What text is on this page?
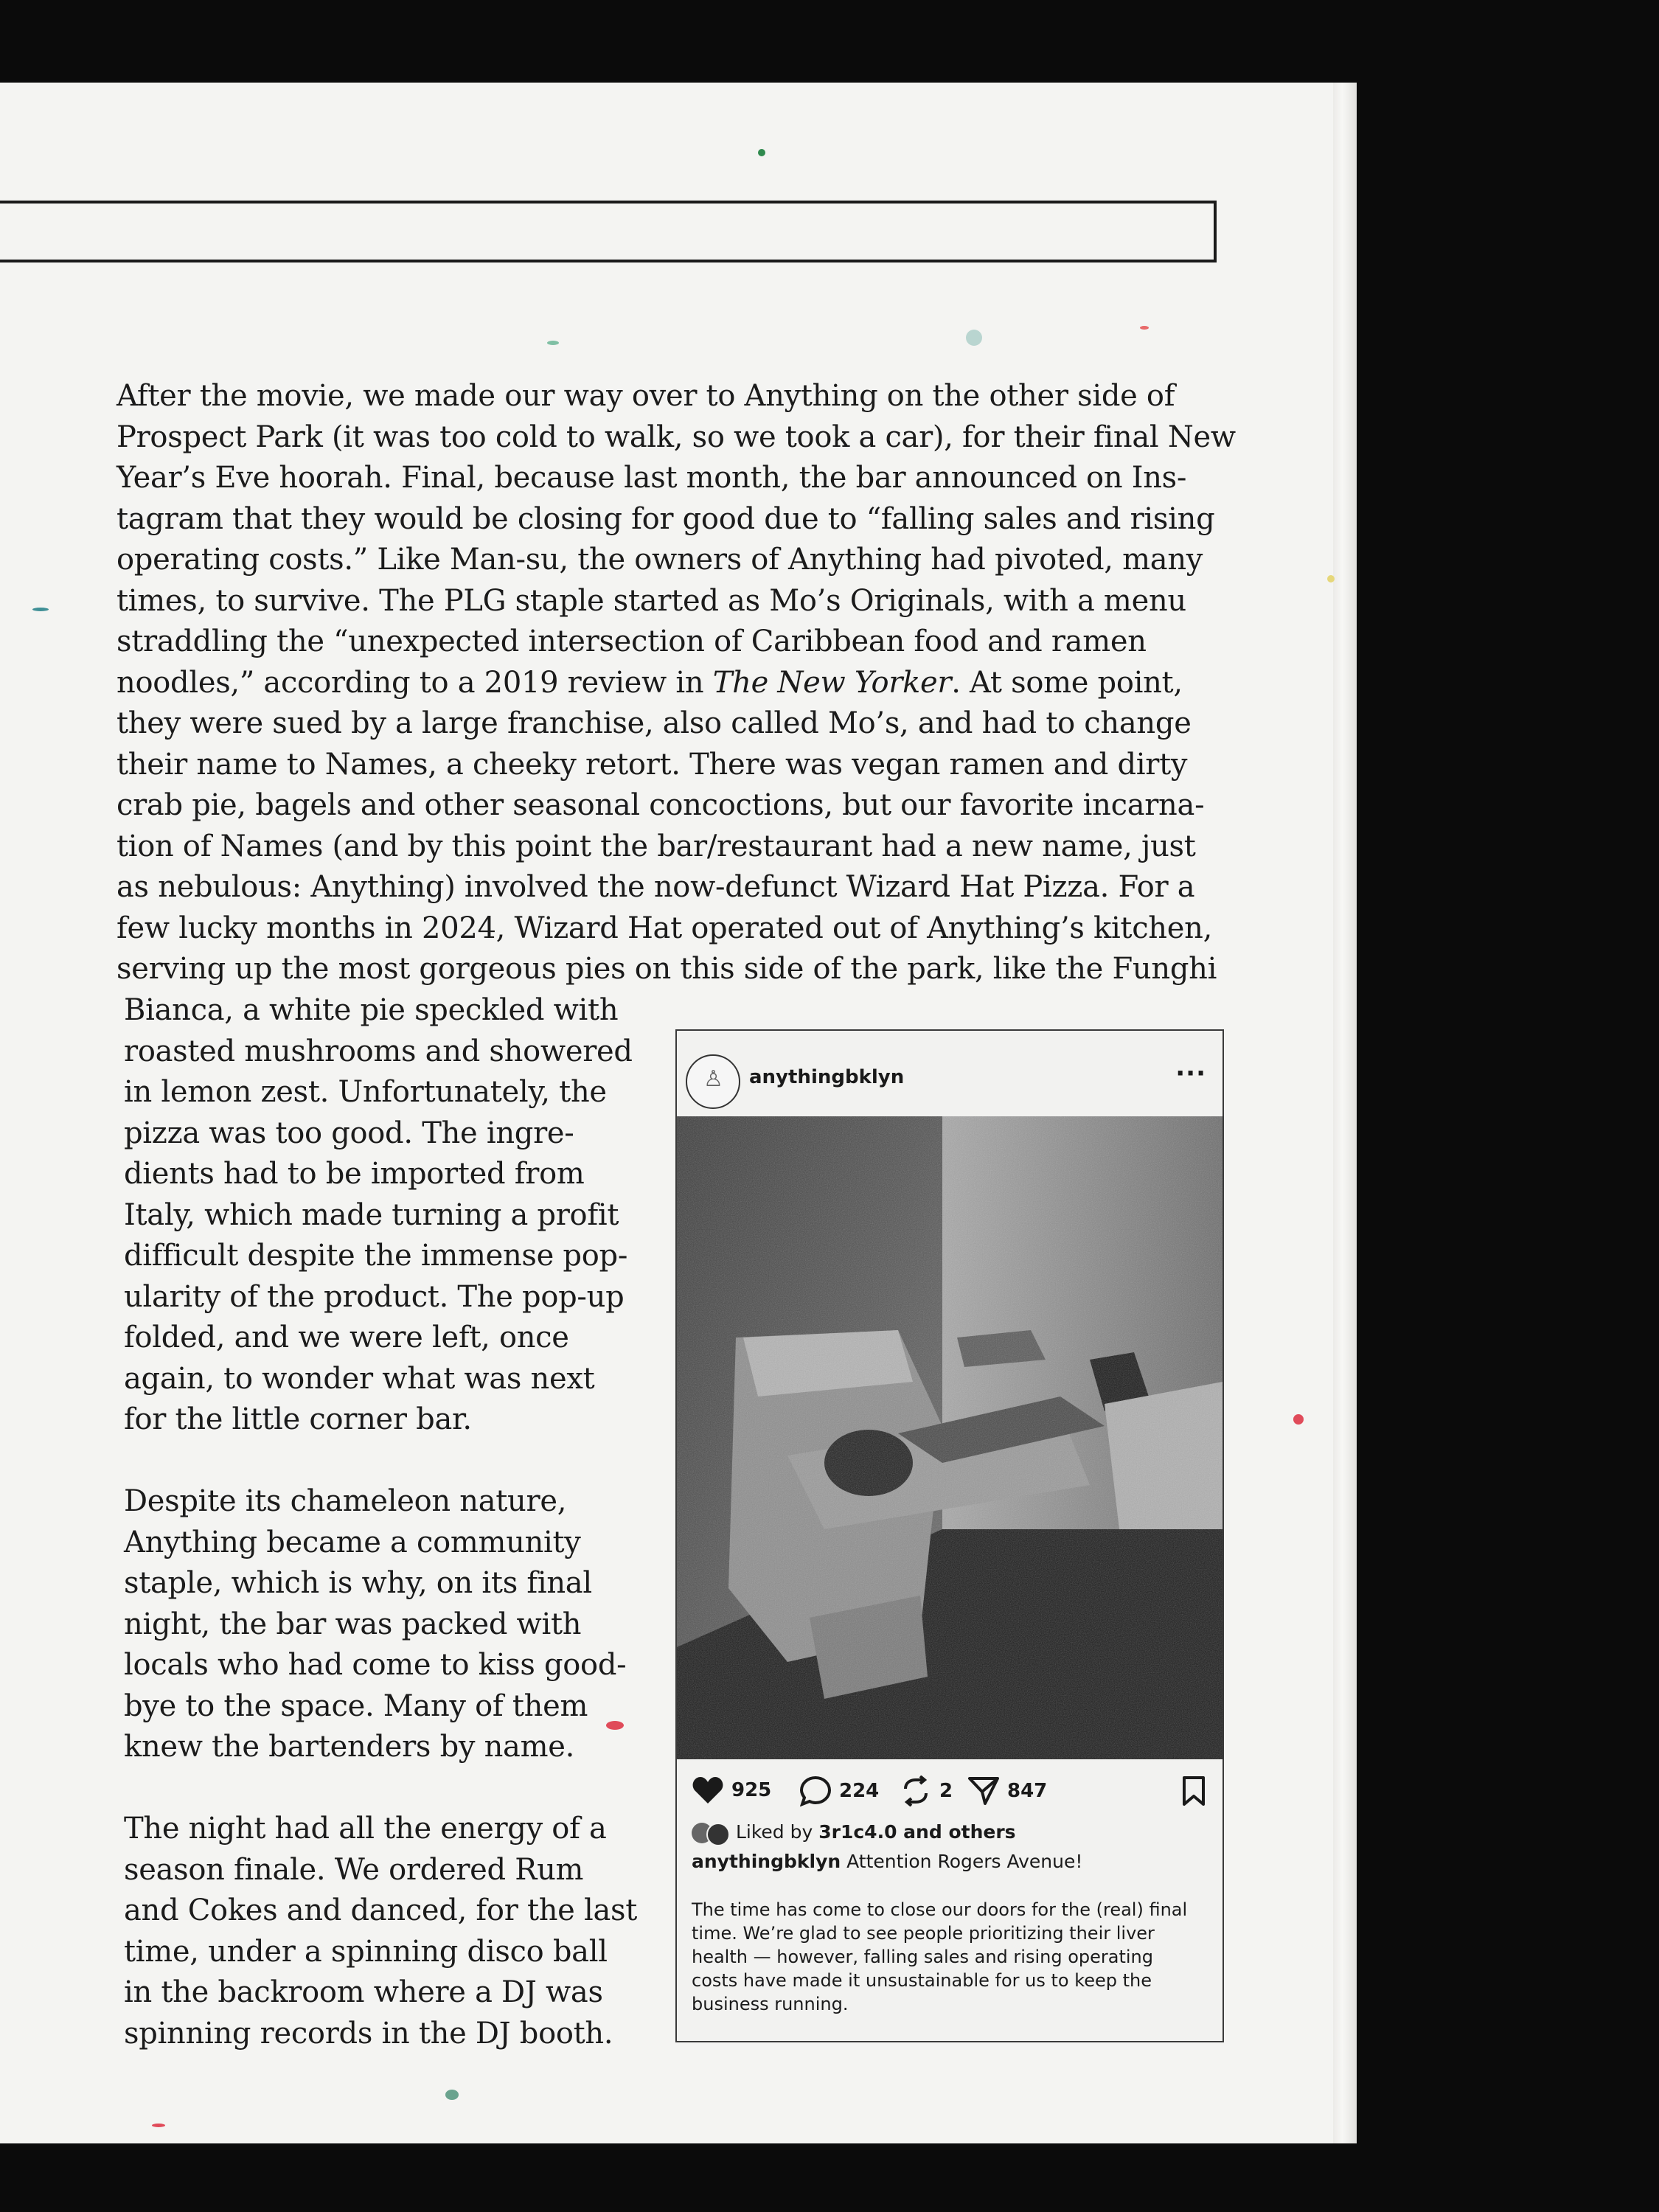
After the movie, we made our way over to Anything on the other side of
Prospect Park (it was too cold to walk, so we took a car), for their final New
Year’s Eve hoorah. Final, because last month, the bar announced on Ins-
tagram that they would be closing for good due to “falling sales and rising
operating costs.” Like Man-su, the owners of Anything had pivoted, many
times, to survive. The PLG staple started as Mo’s Originals, with a menu
straddling the “unexpected intersection of Caribbean food and ramen
noodles,” according to a 2019 review in The New Yorker. At some point,
they were sued by a large franchise, also called Mo’s, and had to change
their name to Names, a cheeky retort. There was vegan ramen and dirty
crab pie, bagels and other seasonal concoctions, but our favorite incarna-
tion of Names (and by this point the bar/restaurant had a new name, just
as nebulous: Anything) involved the now-defunct Wizard Hat Pizza. For a
few lucky months in 2024, Wizard Hat operated out of Anything’s kitchen,
serving up the most gorgeous pies on this side of the park, like the Funghi
Bianca, a white pie speckled with
roasted mushrooms and showered
in lemon zest. Unfortunately, the
pizza was too good. The ingre-
dients had to be imported from
Italy, which made turning a profit
difficult despite the immense pop-
ularity of the product. The pop-up
folded, and we were left, once
again, to wonder what was next
for the little corner bar.

Despite its chameleon nature,
Anything became a community
staple, which is why, on its final
night, the bar was packed with
locals who had come to kiss good-
bye to the space. Many of them
knew the bartenders by name.

The night had all the energy of a
season finale. We ordered Rum
and Cokes and danced, for the last
time, under a spinning disco ball
in the backroom where a DJ was
spinning records in the DJ booth.
♙ anythingbklyn	···
925	224	2	847
Liked by 3r1c4.0 and others
anythingbklyn Attention Rogers Avenue!
The time has come to close our doors for the (real) final
time. We’re glad to see people prioritizing their liver
health — however, falling sales and rising operating
costs have made it unsustainable for us to keep the
business running.
